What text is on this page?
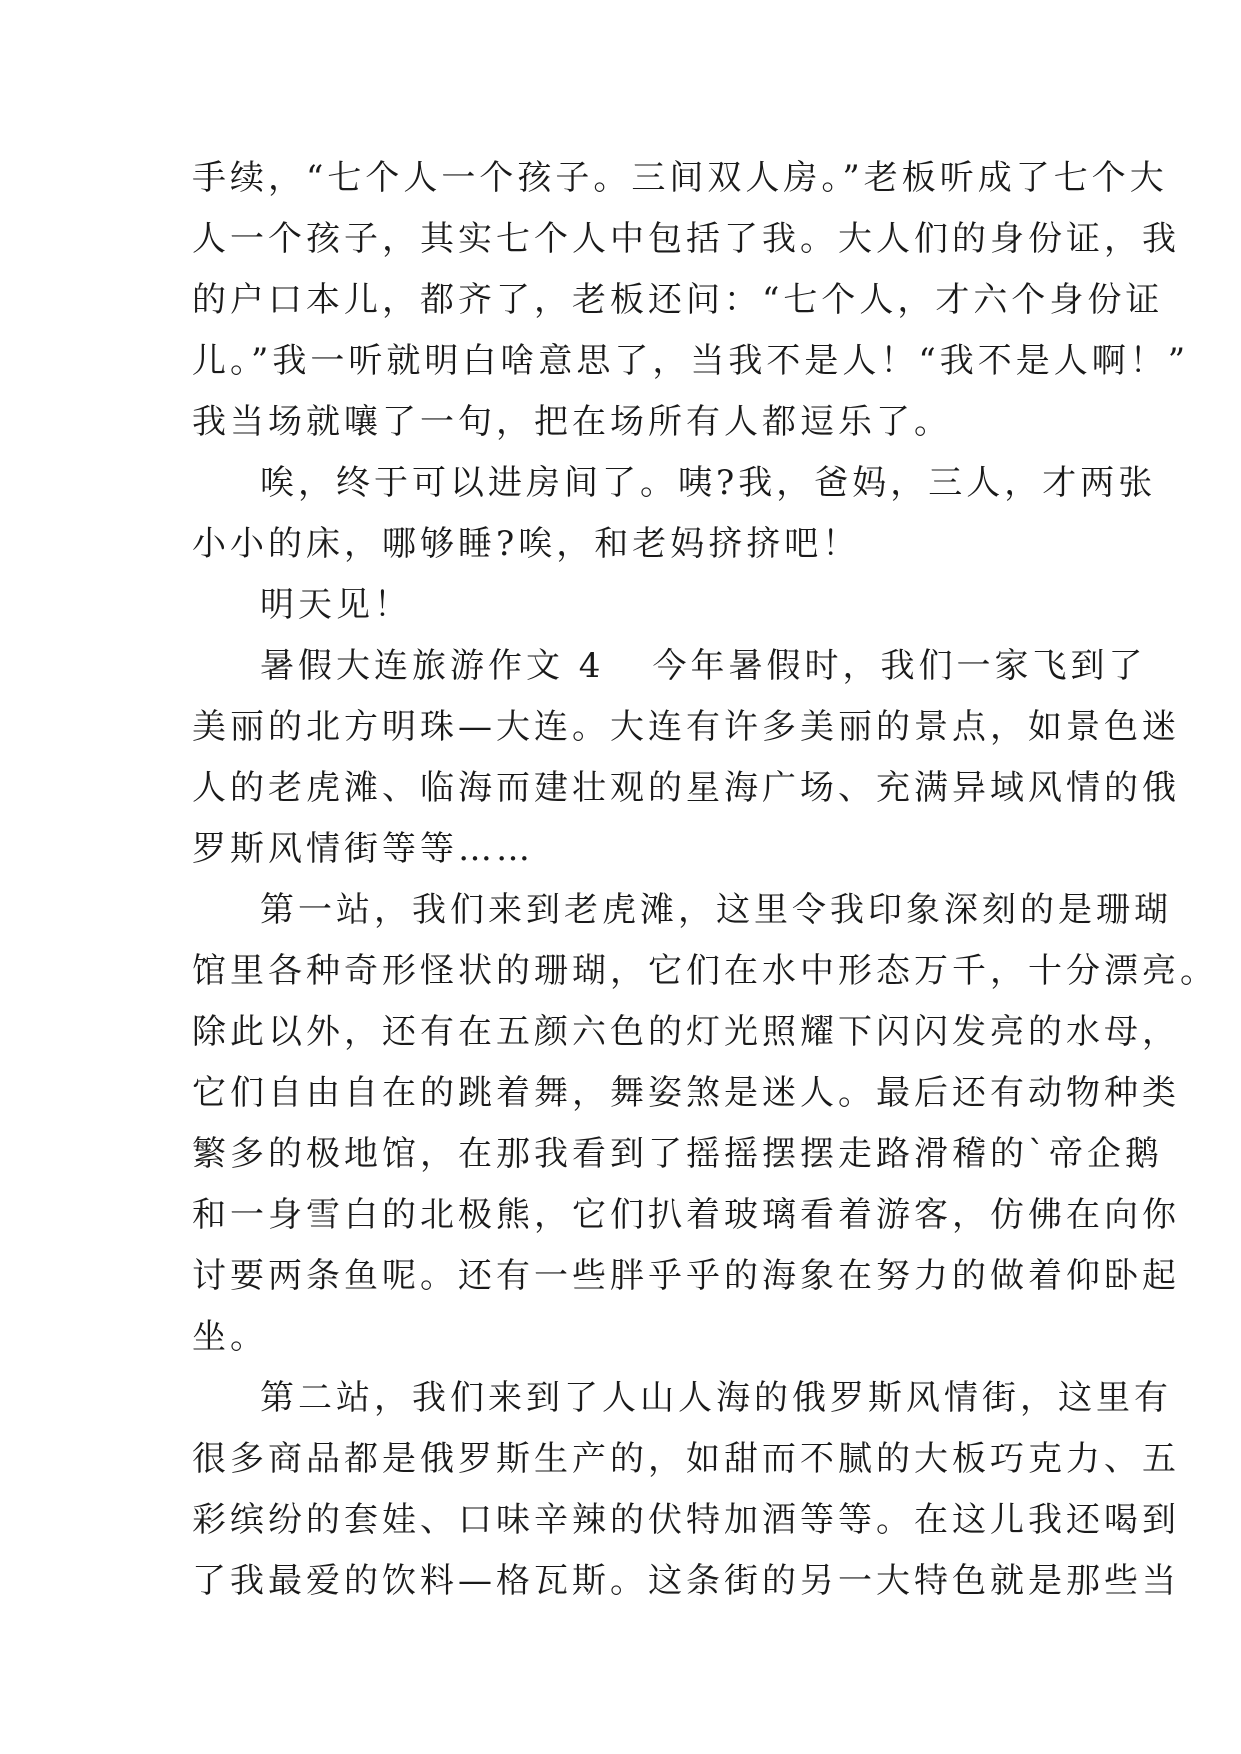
手续，“七个人一个孩子。三间双人房。”老板听成了七个大
人一个孩子，其实七个人中包括了我。大人们的身份证，我
的户口本儿，都齐了，老板还问：“七个人，才六个身份证
儿。”我一听就明白啥意思了，当我不是人！“我不是人啊！”
我当场就嚷了一句，把在场所有人都逗乐了。
唉，终于可以进房间了。咦?我，爸妈，三人，才两张
小小的床，哪够睡?唉，和老妈挤挤吧！
明天见！
暑假大连旅游作文 4 今年暑假时，我们一家飞到了
美丽的北方明珠—大连。大连有许多美丽的景点，如景色迷
人的老虎滩、临海而建壮观的星海广场、充满异域风情的俄
罗斯风情街等等……
第一站，我们来到老虎滩，这里令我印象深刻的是珊瑚
馆里各种奇形怪状的珊瑚，它们在水中形态万千，十分漂亮。
除此以外，还有在五颜六色的灯光照耀下闪闪发亮的水母，
它们自由自在的跳着舞，舞姿煞是迷人。最后还有动物种类
繁多的极地馆，在那我看到了摇摇摆摆走路滑稽的`帝企鹅
和一身雪白的北极熊，它们扒着玻璃看着游客，仿佛在向你
讨要两条鱼呢。还有一些胖乎乎的海象在努力的做着仰卧起
坐。
第二站，我们来到了人山人海的俄罗斯风情街，这里有
很多商品都是俄罗斯生产的，如甜而不腻的大板巧克力、五
彩缤纷的套娃、口味辛辣的伏特加酒等等。在这儿我还喝到
了我最爱的饮料—格瓦斯。这条街的另一大特色就是那些当
